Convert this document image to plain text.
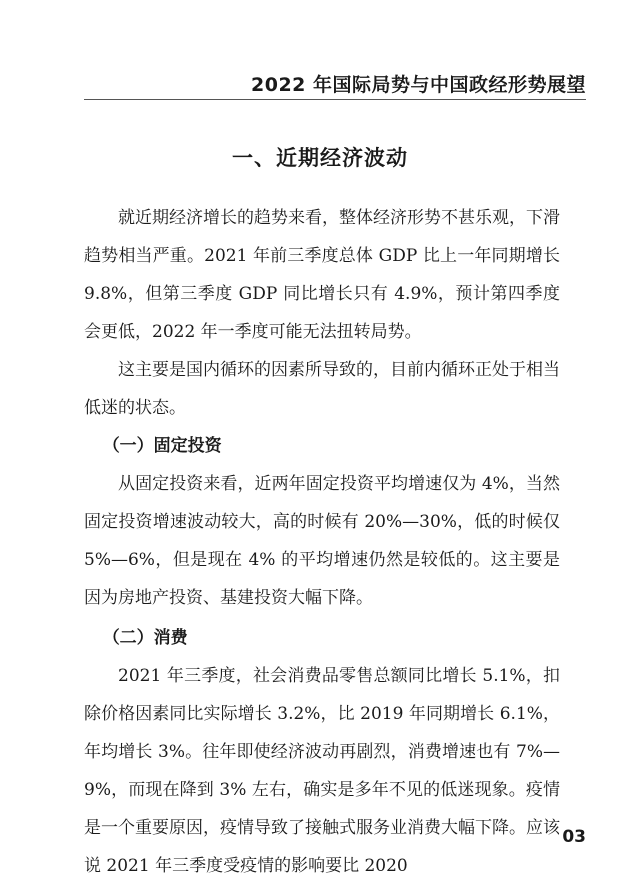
2022 年国际局势与中国政经形势展望
一、近期经济波动

就近期经济增长的趋势来看，整体经济形势不甚乐观，下滑趋势相当严重。2021 年前三季度总体 GDP 比上一年同期增长 9.8%，但第三季度 GDP 同比增长只有 4.9%，预计第四季度会更低，2022 年一季度可能无法扭转局势。

这主要是国内循环的因素所导致的，目前内循环正处于相当低迷的状态。

（一）固定投资

从固定投资来看，近两年固定投资平均增速仅为 4%，当然固定投资增速波动较大，高的时候有 20%—30%，低的时候仅 5%—6%，但是现在 4% 的平均增速仍然是较低的。这主要是因为房地产投资、基建投资大幅下降。

（二）消费

2021 年三季度，社会消费品零售总额同比增长 5.1%，扣除价格因素同比实际增长 3.2%，比 2019 年同期增长 6.1%，年均增长 3%。往年即使经济波动再剧烈，消费增速也有 7%—9%，而现在降到 3% 左右，确实是多年不见的低迷现象。疫情是一个重要原因，疫情导致了接触式服务业消费大幅下降。应该说 2021 年三季度受疫情的影响要比 2020

03
